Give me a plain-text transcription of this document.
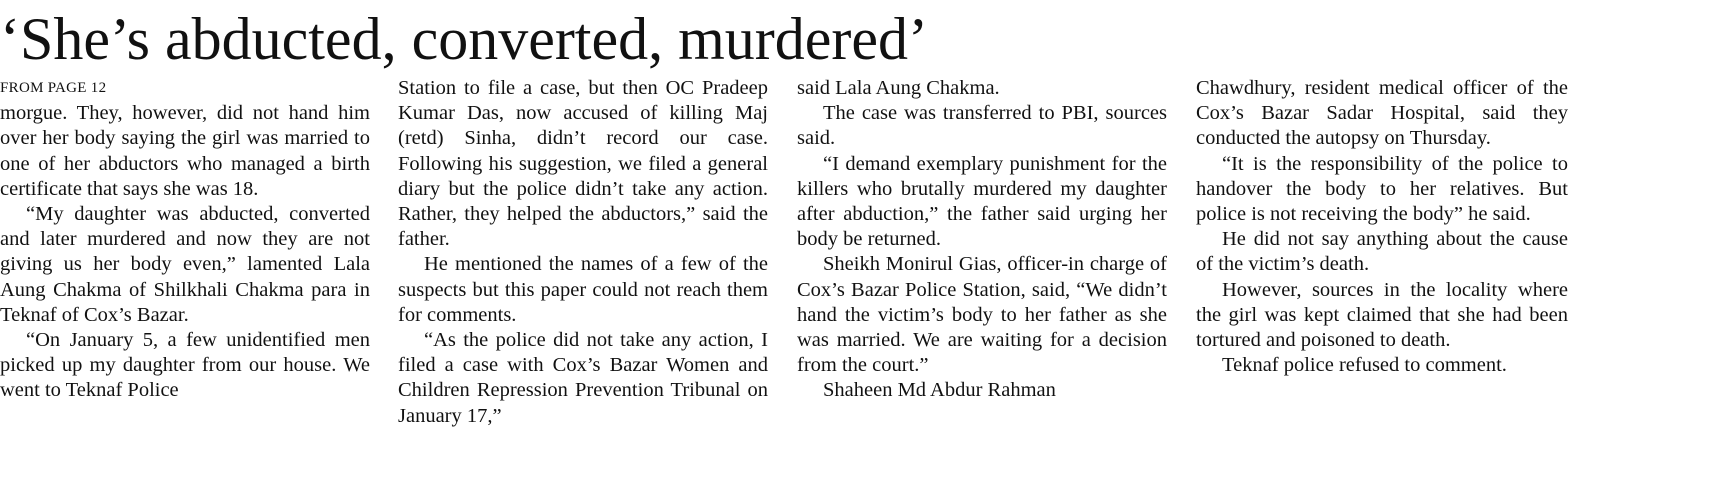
‘She’s abducted, converted, murdered’
FROM PAGE 12

morgue. They, however, did not hand him over her body saying the girl was married to one of her abductors who managed a birth certificate that says she was 18.

“My daughter was abducted, converted and later murdered and now they are not giving us her body even,” lamented Lala Aung Chakma of Shilkhali Chakma para in Teknaf of Cox’s Bazar.

“On January 5, a few unidentified men picked up my daughter from our house. We went to Teknaf Police

Station to file a case, but then OC Pradeep Kumar Das, now accused of killing Maj (retd) Sinha, didn’t record our case. Following his suggestion, we filed a general diary but the police didn’t take any action. Rather, they helped the abductors,” said the father.

He mentioned the names of a few of the suspects but this paper could not reach them for comments.

“As the police did not take any action, I filed a case with Cox’s Bazar Women and Children Repression Prevention Tribunal on January 17,”

said Lala Aung Chakma.

The case was transferred to PBI, sources said.

“I demand exemplary punishment for the killers who brutally murdered my daughter after abduction,” the father said urging her body be returned.

Sheikh Monirul Gias, officer-in charge of Cox’s Bazar Police Station, said, “We didn’t hand the victim’s body to her father as she was married. We are waiting for a decision from the court.”

Shaheen Md Abdur Rahman

Chawdhury, resident medical officer of the Cox’s Bazar Sadar Hospital, said they conducted the autopsy on Thursday.

“It is the responsibility of the police to handover the body to her relatives. But police is not receiving the body” he said.

He did not say anything about the cause of the victim’s death.

However, sources in the locality where the girl was kept claimed that she had been tortured and poisoned to death.

Teknaf police refused to comment.
